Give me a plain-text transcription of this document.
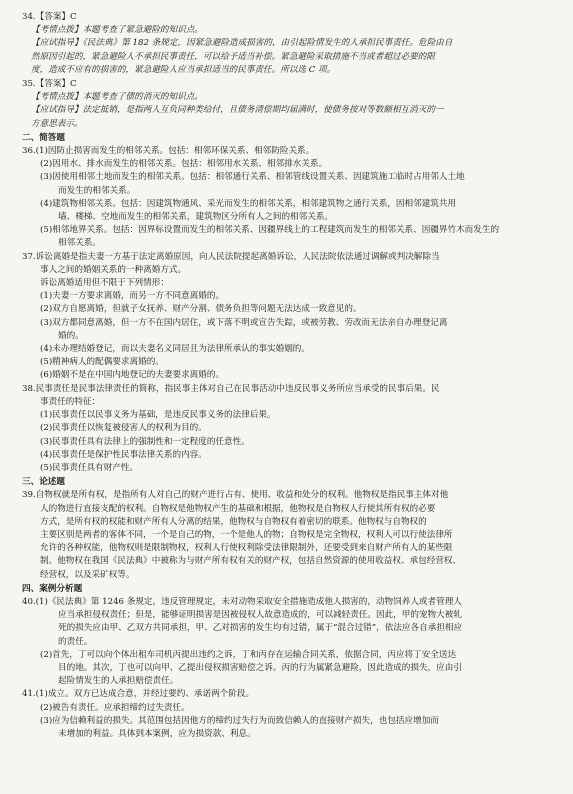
34.【答案】C
【考情点拨】本题考查了紧急避险的知识点。
【应试指导】《民法典》第 182 条规定，因紧急避险造成损害的，由引起险情发生的人承担民事责任。危险由自
然原因引起的，紧急避险人不承担民事责任，可以给予适当补偿。紧急避险采取措施不当或者超过必要的限
度，造成不应有的损害的，紧急避险人应当承担适当的民事责任。所以选 C 项。
35.【答案】C
【考情点拨】本题考查了债的消灭的知识点。
【应试指导】法定抵销，是指两人互负同种类给付，且债务清偿期均届满时，使债务按对等数额相互消灭的一
方意思表示。
二、简答题
36.(1)因防止损害而发生的相邻关系。包括：相邻环保关系、相邻防险关系。
(2)因用水、排水而发生的相邻关系。包括：相邻用水关系、相邻排水关系。
(3)因使用相邻土地而发生的相邻关系。包括：相邻通行关系、相邻管线设置关系、因建筑施工临时占用邻人土地
而发生的相邻关系。
(4)建筑物相邻关系。包括：因建筑物通风、采光而发生的相邻关系，相邻建筑物之通行关系，因相邻建筑共用
墙、楼梯、空地而发生的相邻关系，建筑物区分所有人之间的相邻关系。
(5)相邻地界关系。包括：因界标设置而发生的相邻关系、因疆界线上的工程建筑而发生的相邻关系、因疆界竹木而发生的
相邻关系。
37.诉讼离婚是指夫妻一方基于法定离婚原因，向人民法院提起离婚诉讼，人民法院依法通过调解或判决解除当
事人之间的婚姻关系的一种离婚方式。
诉讼离婚适用但不限于下列情形：
(1)夫妻一方要求离婚，而另一方不同意离婚的。
(2)双方自愿离婚，但就子女抚养、财产分割、债务负担等问题无法达成一致意见的。
(3)双方都同意离婚，但一方不在国内居住，或下落不明或宣告失踪，或被劳教、劳改而无法亲自办理登记离
婚的。
(4)未办理结婚登记，而以夫妻名义同居且为法律所承认的事实婚姻的。
(5)精神病人的配偶要求离婚的。
(6)婚姻不是在中国内地登记的夫妻要求离婚的。
38.民事责任是民事法律责任的简称，指民事主体对自己在民事活动中违反民事义务所应当承受的民事后果。民
事责任的特征：
(1)民事责任以民事义务为基础，是违反民事义务的法律后果。
(2)民事责任以恢复被侵害人的权利为目的。
(3)民事责任具有法律上的强制性和一定程度的任意性。
(4)民事责任是保护性民事法律关系的内容。
(5)民事责任具有财产性。
三、论述题
39.自物权就是所有权，是指所有人对自己的财产进行占有、使用、收益和处分的权利。他物权是指民事主体对他
人的物进行直接支配的权利。自物权是他物权产生的基础和根据，他物权是自物权人行使其所有权的必要
方式，是所有权的权能和财产所有人分离的结果，他物权与自物权有着密切的联系。他物权与自物权的
主要区别是两者的客体不同，一个是自己的物，一个是他人的物；自物权是完全物权，权利人可以行使法律所
允许的各种权能，他物权则是限制物权，权利人行使权利除受法律限制外，还要受到来自财产所有人的某些限
制。他物权在我国《民法典》中被称为与财产所有权有关的财产权，包括自然资源的使用收益权、承包经营权、
经营权，以及采矿权等。
四、案例分析题
40.(1)《民法典》第 1246 条规定，违反管理规定，未对动物采取安全措施造成他人损害的，动物饲养人或者管理人
应当承担侵权责任；但是，能够证明损害是因被侵权人故意造成的，可以减轻责任。因此，甲的宠物大被轧
死的损失应由甲、乙双方共同承担，甲、乙对损害的发生均有过错，属于“混合过错”，依法应各自承担相应
的责任。
(2)首先，丁可以向个体出租车司机丙提出违约之诉，丁和丙存在运输合同关系，依据合同，丙应将丁安全送达
目的地。其次，丁也可以向甲、乙提出侵权损害赔偿之诉。丙的行为属紧急避险，因此造成的损失，应由引
起险情发生的人承担赔偿责任。
41.(1)成立。双方已达成合意，并经过要约、承诺两个阶段。
(2)被告有责任。应承担缔约过失责任。
(3)应为信赖利益的损失。其范围包括因他方的缔约过失行为而致信赖人的直接财产损失，也包括应增加而
未增加的利益。具体到本案例，应为损资款、利息。
